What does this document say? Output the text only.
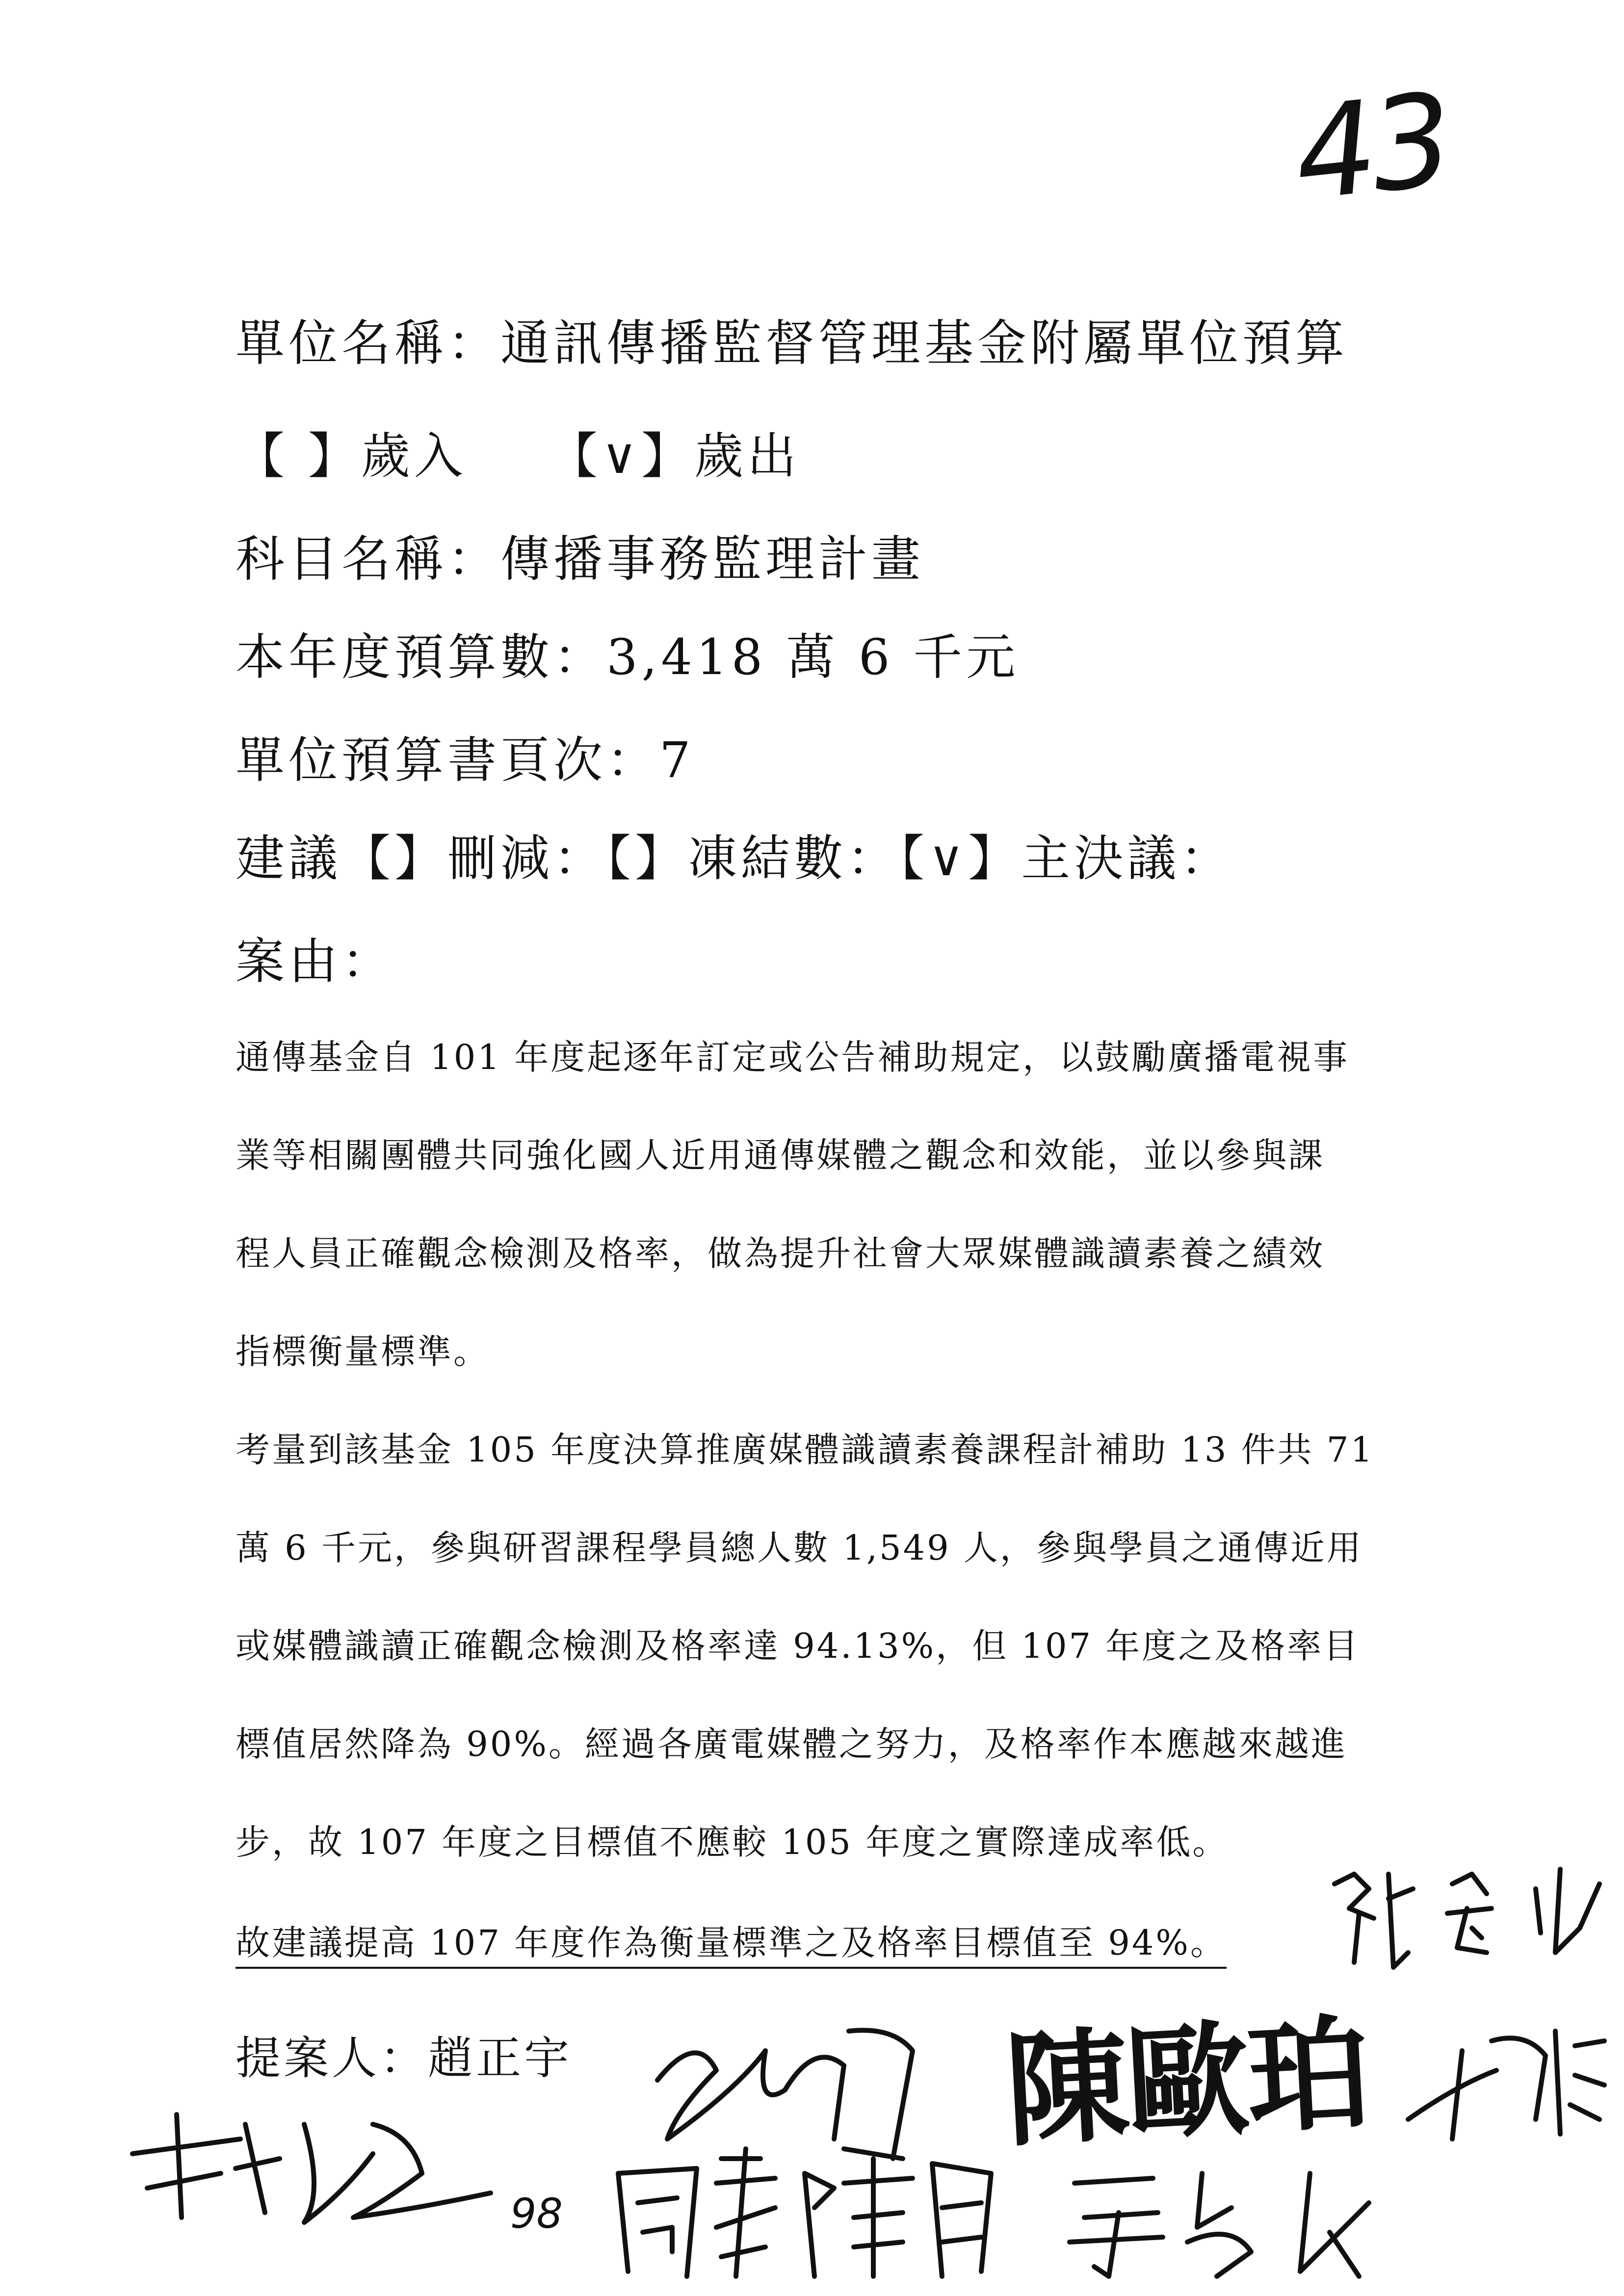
43
單位名稱：通訊傳播監督管理基金附屬單位預算
【 】歲入　　【∨】歲出
科目名稱：傳播事務監理計畫
本年度預算數：3,418 萬 6 千元
單位預算書頁次：7
建議【】刪減：【】凍結數：【∨】主決議：
案由：
通傳基金自 101 年度起逐年訂定或公告補助規定，以鼓勵廣播電視事
業等相關團體共同強化國人近用通傳媒體之觀念和效能，並以參與課
程人員正確觀念檢測及格率，做為提升社會大眾媒體識讀素養之績效
指標衡量標準。
考量到該基金 105 年度決算推廣媒體識讀素養課程計補助 13 件共 71
萬 6 千元，參與研習課程學員總人數 1,549 人，參與學員之通傳近用
或媒體識讀正確觀念檢測及格率達 94.13%，但 107 年度之及格率目
標值居然降為 90%。經過各廣電媒體之努力，及格率作本應越來越進
步，故 107 年度之目標值不應較 105 年度之實際達成率低。
故建議提高 107 年度作為衡量標準之及格率目標值至 94%。
提案人：趙正宇	陳歐珀
98
